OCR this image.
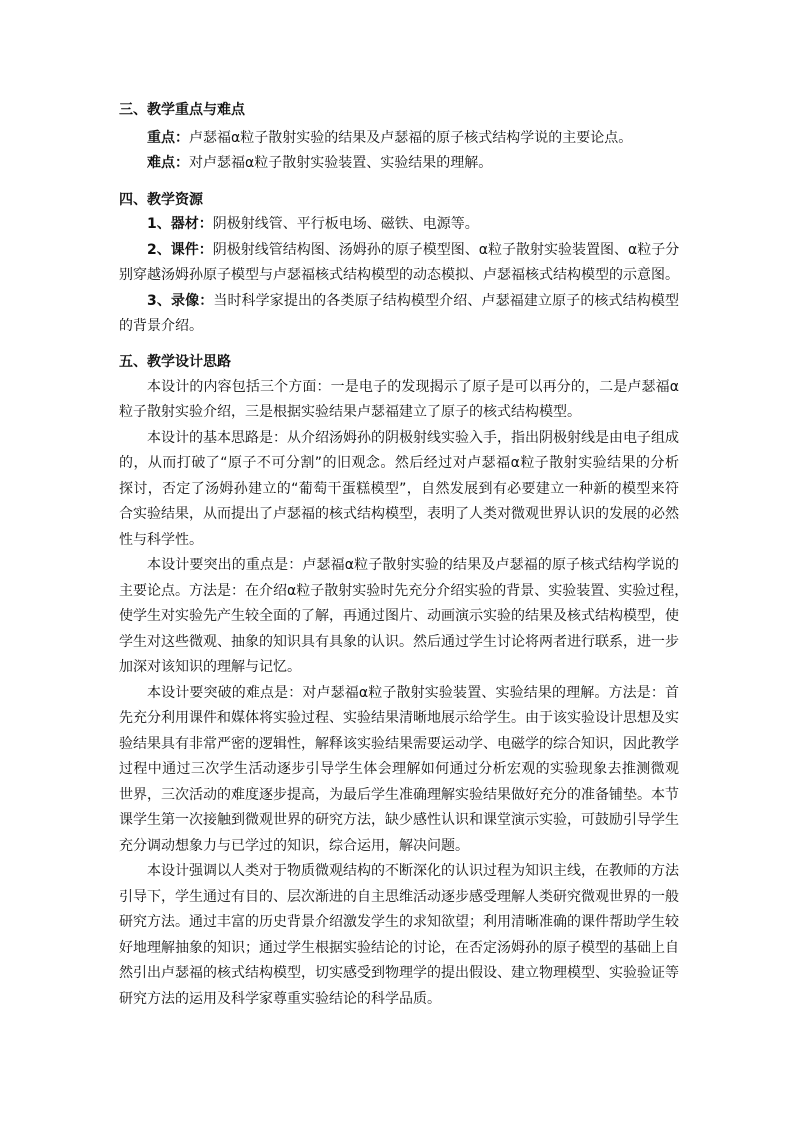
三、教学重点与难点
重点：卢瑟福α粒子散射实验的结果及卢瑟福的原子核式结构学说的主要论点。
难点：对卢瑟福α粒子散射实验装置、实验结果的理解。
四、教学资源
1、器材：阴极射线管、平行板电场、磁铁、电源等。
2、课件：阴极射线管结构图、汤姆孙的原子模型图、α粒子散射实验装置图、α粒子分
别穿越汤姆孙原子模型与卢瑟福核式结构模型的动态模拟、卢瑟福核式结构模型的示意图。
3、录像：当时科学家提出的各类原子结构模型介绍、卢瑟福建立原子的核式结构模型
的背景介绍。
五、教学设计思路
本设计的内容包括三个方面：一是电子的发现揭示了原子是可以再分的，二是卢瑟福α
粒子散射实验介绍，三是根据实验结果卢瑟福建立了原子的核式结构模型。
本设计的基本思路是：从介绍汤姆孙的阴极射线实验入手，指出阴极射线是由电子组成
的，从而打破了“原子不可分割”的旧观念。然后经过对卢瑟福α粒子散射实验结果的分析
探讨，否定了汤姆孙建立的“葡萄干蛋糕模型”，自然发展到有必要建立一种新的模型来符
合实验结果，从而提出了卢瑟福的核式结构模型，表明了人类对微观世界认识的发展的必然
性与科学性。
本设计要突出的重点是：卢瑟福α粒子散射实验的结果及卢瑟福的原子核式结构学说的
主要论点。方法是：在介绍α粒子散射实验时先充分介绍实验的背景、实验装置、实验过程，
使学生对实验先产生较全面的了解，再通过图片、动画演示实验的结果及核式结构模型，使
学生对这些微观、抽象的知识具有具象的认识。然后通过学生讨论将两者进行联系，进一步
加深对该知识的理解与记忆。
本设计要突破的难点是：对卢瑟福α粒子散射实验装置、实验结果的理解。方法是：首
先充分利用课件和媒体将实验过程、实验结果清晰地展示给学生。由于该实验设计思想及实
验结果具有非常严密的逻辑性，解释该实验结果需要运动学、电磁学的综合知识，因此教学
过程中通过三次学生活动逐步引导学生体会理解如何通过分析宏观的实验现象去推测微观
世界，三次活动的难度逐步提高，为最后学生准确理解实验结果做好充分的准备铺垫。本节
课学生第一次接触到微观世界的研究方法，缺少感性认识和课堂演示实验，可鼓励引导学生
充分调动想象力与已学过的知识，综合运用，解决问题。
本设计强调以人类对于物质微观结构的不断深化的认识过程为知识主线，在教师的方法
引导下，学生通过有目的、层次渐进的自主思维活动逐步感受理解人类研究微观世界的一般
研究方法。通过丰富的历史背景介绍激发学生的求知欲望；利用清晰准确的课件帮助学生较
好地理解抽象的知识；通过学生根据实验结论的讨论，在否定汤姆孙的原子模型的基础上自
然引出卢瑟福的核式结构模型，切实感受到物理学的提出假设、建立物理模型、实验验证等
研究方法的运用及科学家尊重实验结论的科学品质。
